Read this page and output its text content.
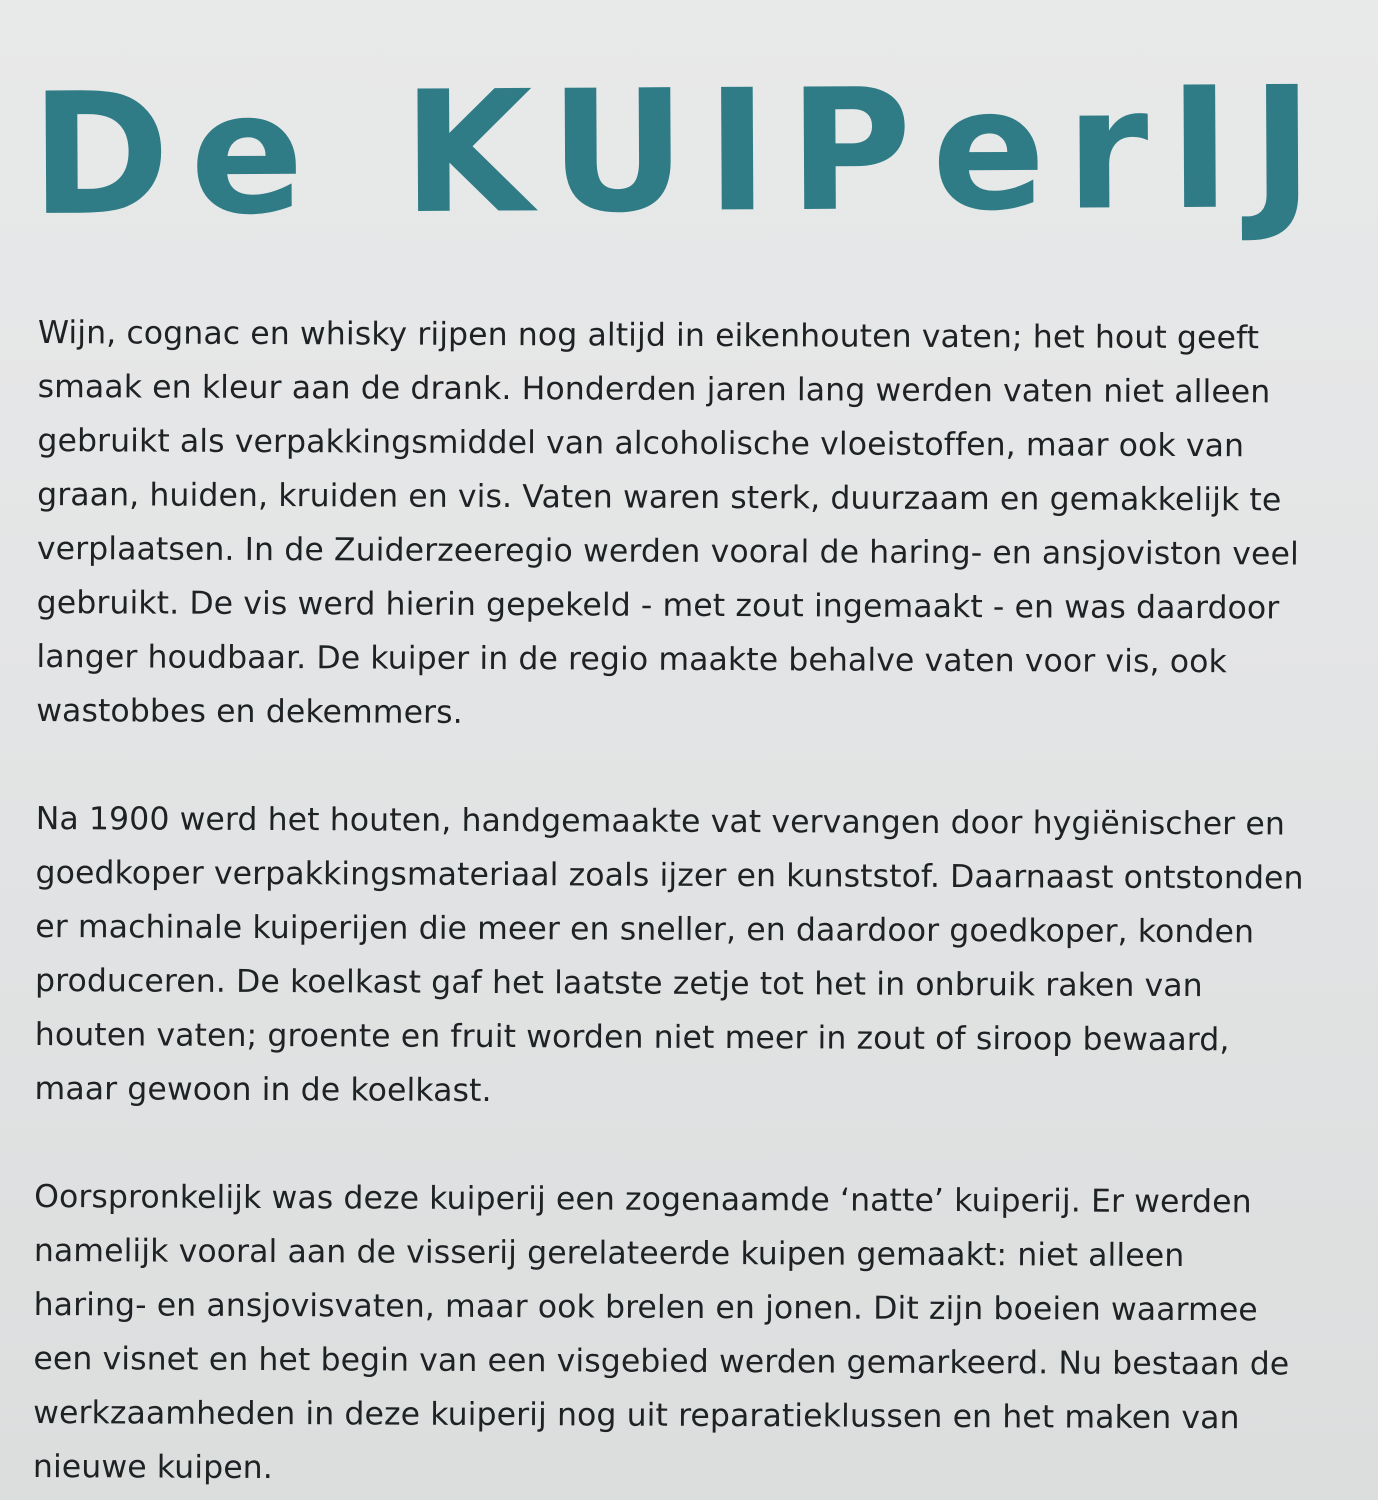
De KUIPerIJ
Wijn, cognac en whisky rijpen nog altijd in eikenhouten vaten; het hout geeft
smaak en kleur aan de drank. Honderden jaren lang werden vaten niet alleen
gebruikt als verpakkingsmiddel van alcoholische vloeistoffen, maar ook van
graan, huiden, kruiden en vis. Vaten waren sterk, duurzaam en gemakkelijk te
verplaatsen. In de Zuiderzeeregio werden vooral de haring- en ansjoviston veel
gebruikt. De vis werd hierin gepekeld - met zout ingemaakt - en was daardoor
langer houdbaar. De kuiper in de regio maakte behalve vaten voor vis, ook
wastobbes en dekemmers.
Na 1900 werd het houten, handgemaakte vat vervangen door hygiënischer en
goedkoper verpakkingsmateriaal zoals ijzer en kunststof. Daarnaast ontstonden
er machinale kuiperijen die meer en sneller, en daardoor goedkoper, konden
produceren. De koelkast gaf het laatste zetje tot het in onbruik raken van
houten vaten; groente en fruit worden niet meer in zout of siroop bewaard,
maar gewoon in de koelkast.
Oorspronkelijk was deze kuiperij een zogenaamde ‘natte’ kuiperij. Er werden
namelijk vooral aan de visserij gerelateerde kuipen gemaakt: niet alleen
haring- en ansjovisvaten, maar ook brelen en jonen. Dit zijn boeien waarmee
een visnet en het begin van een visgebied werden gemarkeerd. Nu bestaan de
werkzaamheden in deze kuiperij nog uit reparatieklussen en het maken van
nieuwe kuipen.
